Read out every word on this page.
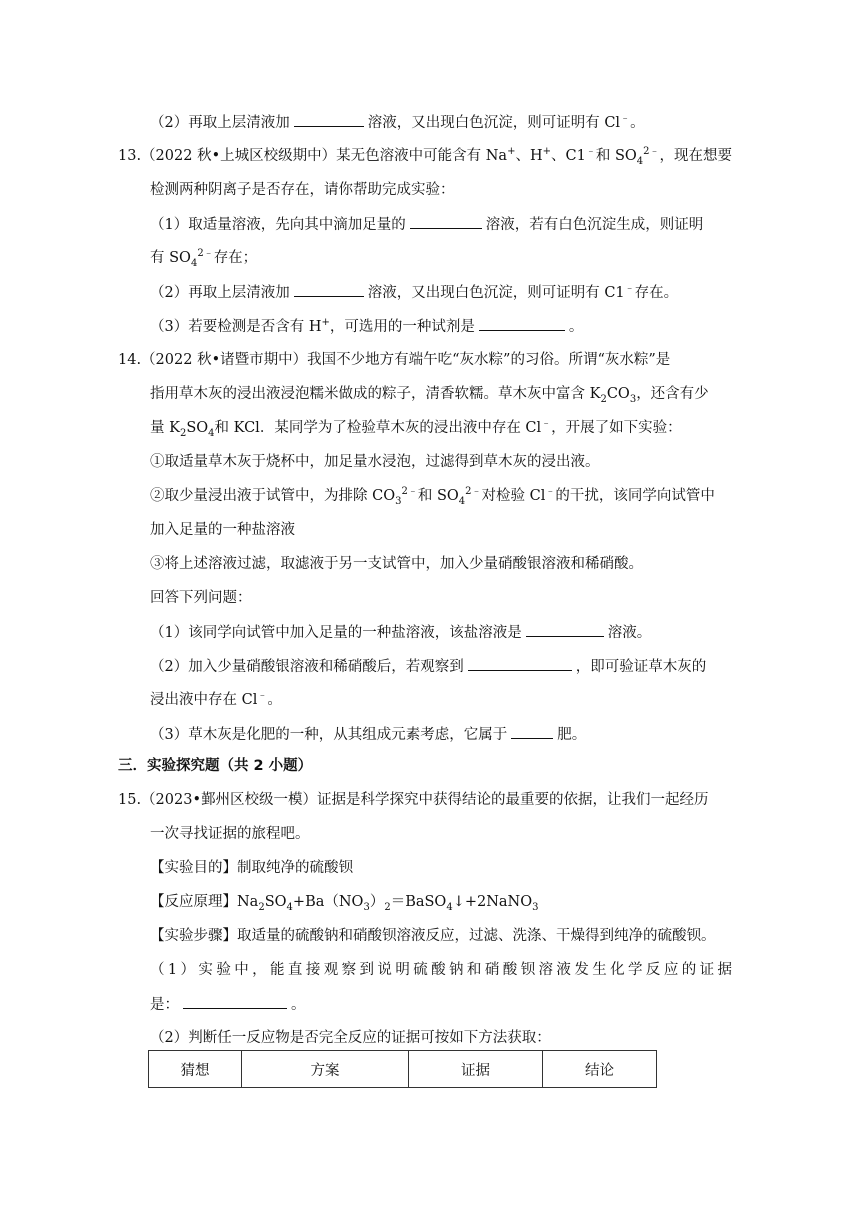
（2）再取上层清液加	溶液，又出现白色沉淀，则可证明有 Cl﹣。
13.（2022 秋•上城区校级期中）某无色溶液中可能含有 Na+、H+、C1﹣和 $SO_4^{2﹣}$，现在想要
检测两种阴离子是否存在，请你帮助完成实验：
（1）取适量溶液，先向其中滴加足量的	溶液，若有白色沉淀生成，则证明
有 $SO_4^{2﹣}$存在；
（2）再取上层清液加	溶液，又出现白色沉淀，则可证明有 C1﹣存在。
（3）若要检测是否含有 H+，可选用的一种试剂是	。
14.（2022 秋•诸暨市期中）我国不少地方有端午吃“灰水粽”的习俗。所谓“灰水粽”是
指用草木灰的浸出液浸泡糯米做成的粽子，清香软糯。草木灰中富含 $K_2CO_3$，还含有少
量 $K_2SO_4$和 KCl．某同学为了检验草木灰的浸出液中存在 Cl﹣，开展了如下实验：
①取适量草木灰于烧杯中，加足量水浸泡，过滤得到草木灰的浸出液。
②取少量浸出液于试管中，为排除 $CO_3^{2﹣}$和 $SO_4^{2﹣}$对检验 Cl﹣的干扰，该同学向试管中
加入足量的一种盐溶液
③将上述溶液过滤，取滤液于另一支试管中，加入少量硝酸银溶液和稀硝酸。
回答下列问题：
（1）该同学向试管中加入足量的一种盐溶液，该盐溶液是	溶液。
（2）加入少量硝酸银溶液和稀硝酸后，若观察到	，即可验证草木灰的
浸出液中存在 Cl﹣。
（3）草木灰是化肥的一种，从其组成元素考虑，它属于	肥。
三．实验探究题（共 2 小题）
15.（2023•鄞州区校级一模）证据是科学探究中获得结论的最重要的依据，让我们一起经历
一次寻找证据的旅程吧。
【实验目的】制取纯净的硫酸钡
【反应原理】$Na_2SO_4+Ba(NO_3)_2=BaSO_4↓+2NaNO_3$
【实验步骤】取适量的硫酸钠和硝酸钡溶液反应，过滤、洗涤、干燥得到纯净的硫酸钡。
（1）实验中，能直接观察到说明硫酸钠和硝酸钡溶液发生化学反应的证据
是：	。
（2）判断任一反应物是否完全反应的证据可按如下方法获取：
猜想	方案	证据	结论
